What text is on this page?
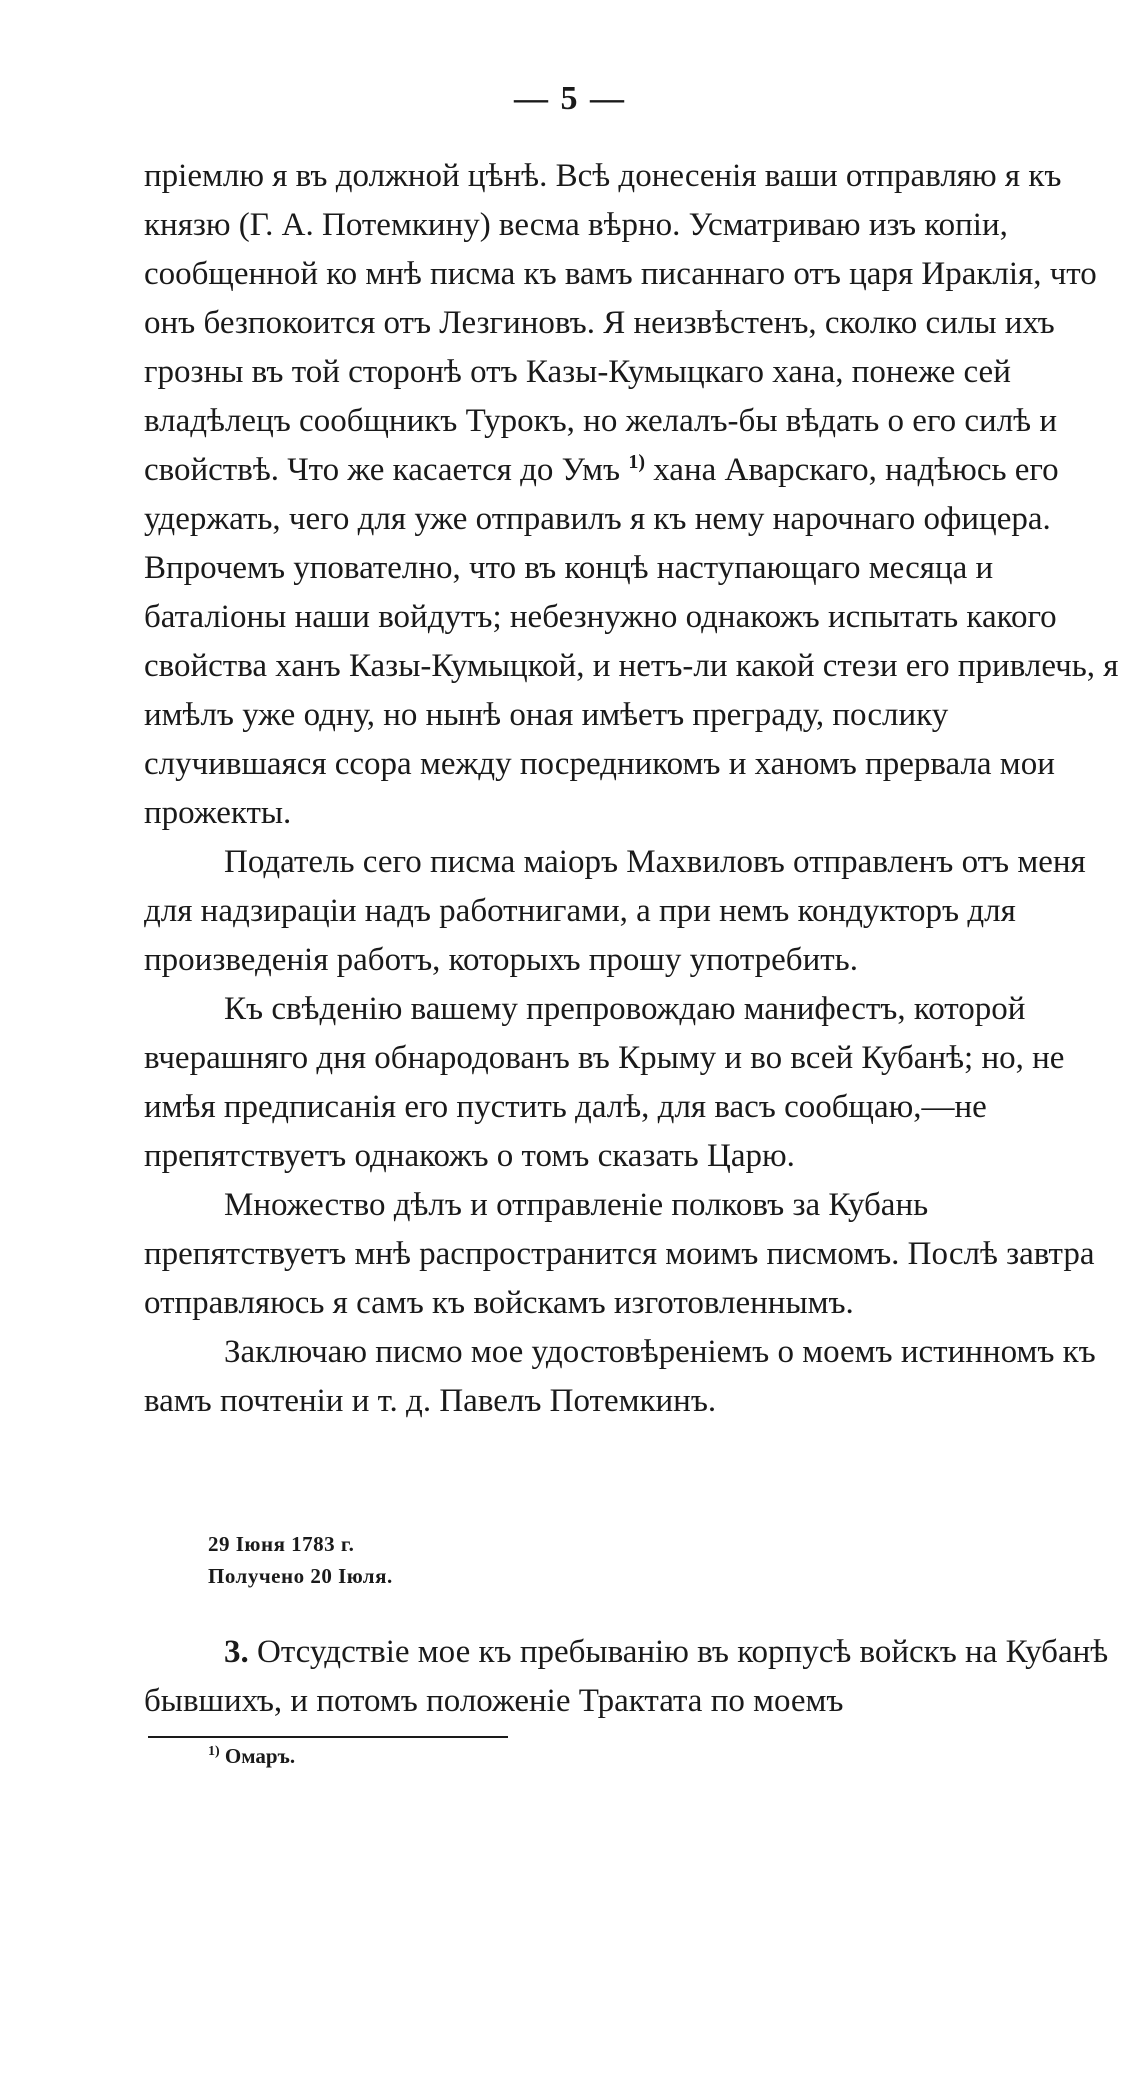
— 5 —

пріемлю я въ должной цѣнѣ. Всѣ донесенія ваши отправляю я къ князю (Г. А. Потемкину) весма вѣрно. Усматриваю изъ копіи, сообщенной ко мнѣ писма къ вамъ писаннаго отъ царя Ираклія, что онъ безпокоится отъ Лезгиновъ. Я неизвѣстенъ, сколко силы ихъ грозны въ той сторонѣ отъ Казы-Кумыцкаго хана, понеже сей владѣлецъ сообщникъ Турокъ, но желалъ-бы вѣдать о его силѣ и свойствѣ. Что же касается до Умъ $^{1)}$ хана Аварскаго, надѣюсь его удержать, чего для уже отправилъ я къ нему нарочнаго офицера. Впрочемъ упователно, что въ концѣ наступающаго месяца и баталіоны наши войдутъ; небезнужно однакожъ испытать какого свойства ханъ Казы-Кумыцкой, и нетъ-ли какой стези его привлечь, я имѣлъ уже одну, но нынѣ оная имѣетъ преграду, послику случившаяся ссора между посредникомъ и ханомъ прервала мои прожекты.

Податель сего писма маіоръ Махвиловъ отправленъ отъ меня для надзираціи надъ работнигами, а при немъ кондукторъ для произведенія работъ, которыхъ прошу употребить.

Къ свѣденію вашему препровождаю манифестъ, которой вчерашняго дня обнародованъ въ Крыму и во всей Кубанѣ; но, не имѣя предписанія его пустить далѣ, для васъ сообщаю,—не препятствуетъ однакожъ о томъ сказать Царю.

Множество дѣлъ и отправленіе полковъ за Кубань препятствуетъ мнѣ распространится моимъ писмомъ. Послѣ завтра отправляюсь я самъ къ войскамъ изготовленнымъ.

Заключаю писмо мое удостовѣреніемъ о моемъ истинномъ къ вамъ почтеніи и т. д. Павелъ Потемкинъ.

29 Іюня 1783 г.
Получено 20 Іюля.

3. Отсудствіе мое къ пребыванію въ корпусѣ войскъ на Кубанѣ бывшихъ, и потомъ положеніе Трактата по моемъ

$^{1)}$ Омаръ.
